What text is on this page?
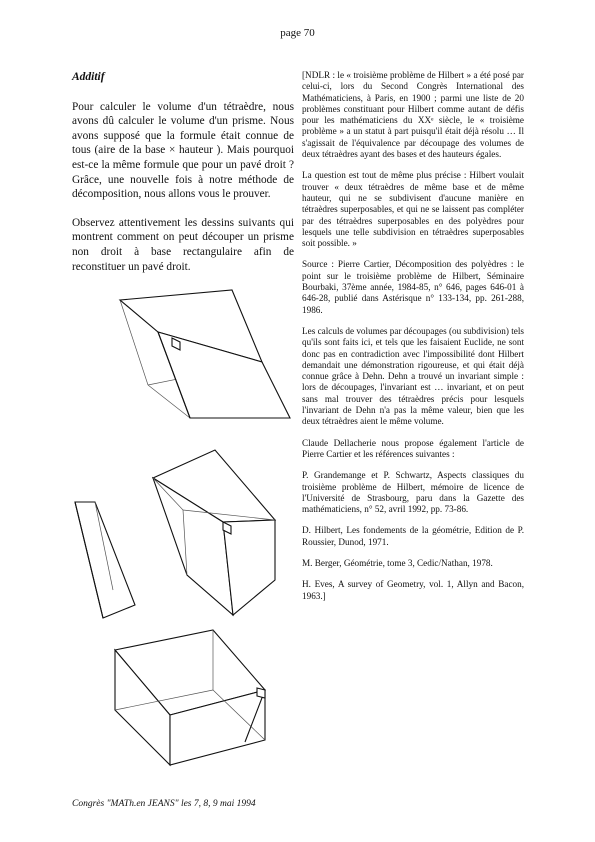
page 70
Additif

Pour calculer le volume d'un tétraèdre, nous avons dû calculer le volume d'un prisme. Nous avons supposé que la formule était connue de tous (aire de la base × hauteur ). Mais pourquoi est-ce la même formule que pour un pavé droit ? Grâce, une nouvelle fois à notre méthode de décomposition, nous allons vous le prouver.

Observez attentivement les dessins suivants qui montrent comment on peut découper un prisme non droit à base rectangulaire afin de reconstituer un pavé droit.

[NDLR : le « troisième problème de Hilbert » a été posé par celui-ci, lors du Second Congrès International des Mathématiciens, à Paris, en 1900 ; parmi une liste de 20 problèmes constituant pour Hilbert comme autant de défis pour les mathématiciens du XXᵉ siècle, le « troisième problème » a un statut à part puisqu'il était déjà résolu … Il s'agissait de l'équivalence par découpage des volumes de deux tétraèdres ayant des bases et des hauteurs égales.

La question est tout de même plus précise : Hilbert voulait trouver « deux tétraèdres de même base et de même hauteur, qui ne se subdivisent d'aucune manière en tétraèdres superposables, et qui ne se laissent pas compléter par des tétraèdres superposables en des polyèdres pour lesquels une telle subdivision en tétraèdres superposables soit possible. »

Source : Pierre Cartier, Décomposition des polyèdres : le point sur le troisième problème de Hilbert, Séminaire Bourbaki, 37ème année, 1984-85, n° 646, pages 646-01 à 646-28, publié dans Astérisque n° 133-134, pp. 261-288, 1986.

Les calculs de volumes par découpages (ou subdivision) tels qu'ils sont faits ici, et tels que les faisaient Euclide, ne sont donc pas en contradiction avec l'impossibilité dont Hilbert demandait une démonstration rigoureuse, et qui était déjà connue grâce à Dehn. Dehn a trouvé un invariant simple : lors de découpages, l'invariant est … invariant, et on peut sans mal trouver des tétraèdres précis pour lesquels l'invariant de Dehn n'a pas la même valeur, bien que les deux tétraèdres aient le même volume.

Claude Dellacherie nous propose également l'article de Pierre Cartier et les références suivantes :

P. Grandemange et P. Schwartz, Aspects classiques du troisième problème de Hilbert, mémoire de licence de l'Université de Strasbourg, paru dans la Gazette des mathématiciens, n° 52, avril 1992, pp. 73-86.

D. Hilbert, Les fondements de la géométrie, Edition de P. Roussier, Dunod, 1971.

M. Berger, Géométrie, tome 3, Cedic/Nathan, 1978.

H. Eves, A survey of Geometry, vol. 1, Allyn and Bacon, 1963.]

Congrès "MATh.en JEANS" les 7, 8, 9 mai 1994
